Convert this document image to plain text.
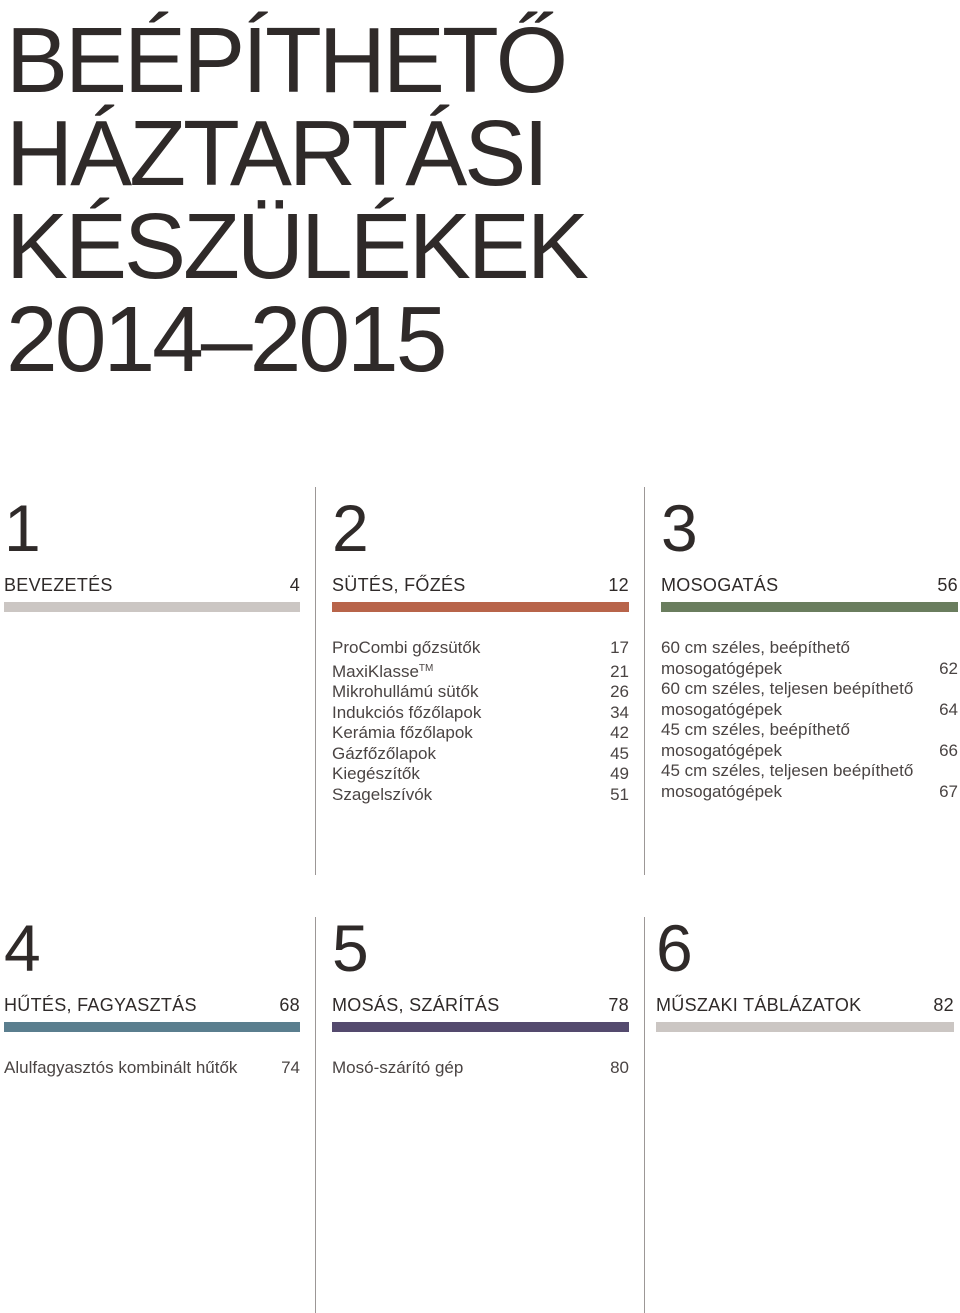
BEÉPÍTHETŐ
HÁZTARTÁSI
KÉSZÜLÉKEK
2014–2015
1
BEVEZETÉS	4
2
SÜTÉS, FŐZÉS	12
ProCombi gőzsütők	17
MaxiKlasse™	21
Mikrohullámú sütők	26
Indukciós főzőlapok	34
Kerámia főzőlapok	42
Gázfőzőlapok	45
Kiegészítők	49
Szagelszívók	51
3
MOSOGATÁS	56
60 cm széles, beépíthető
mosogatógépek	62
60 cm széles, teljesen beépíthető
mosogatógépek	64
45 cm széles, beépíthető
mosogatógépek	66
45 cm széles, teljesen beépíthető
mosogatógépek	67
4
HŰTÉS, FAGYASZTÁS	68
Alulfagyasztós kombinált hűtők	74
5
MOSÁS, SZÁRÍTÁS	78
Mosó-szárító gép	80
6
MŰSZAKI TÁBLÁZATOK	82
